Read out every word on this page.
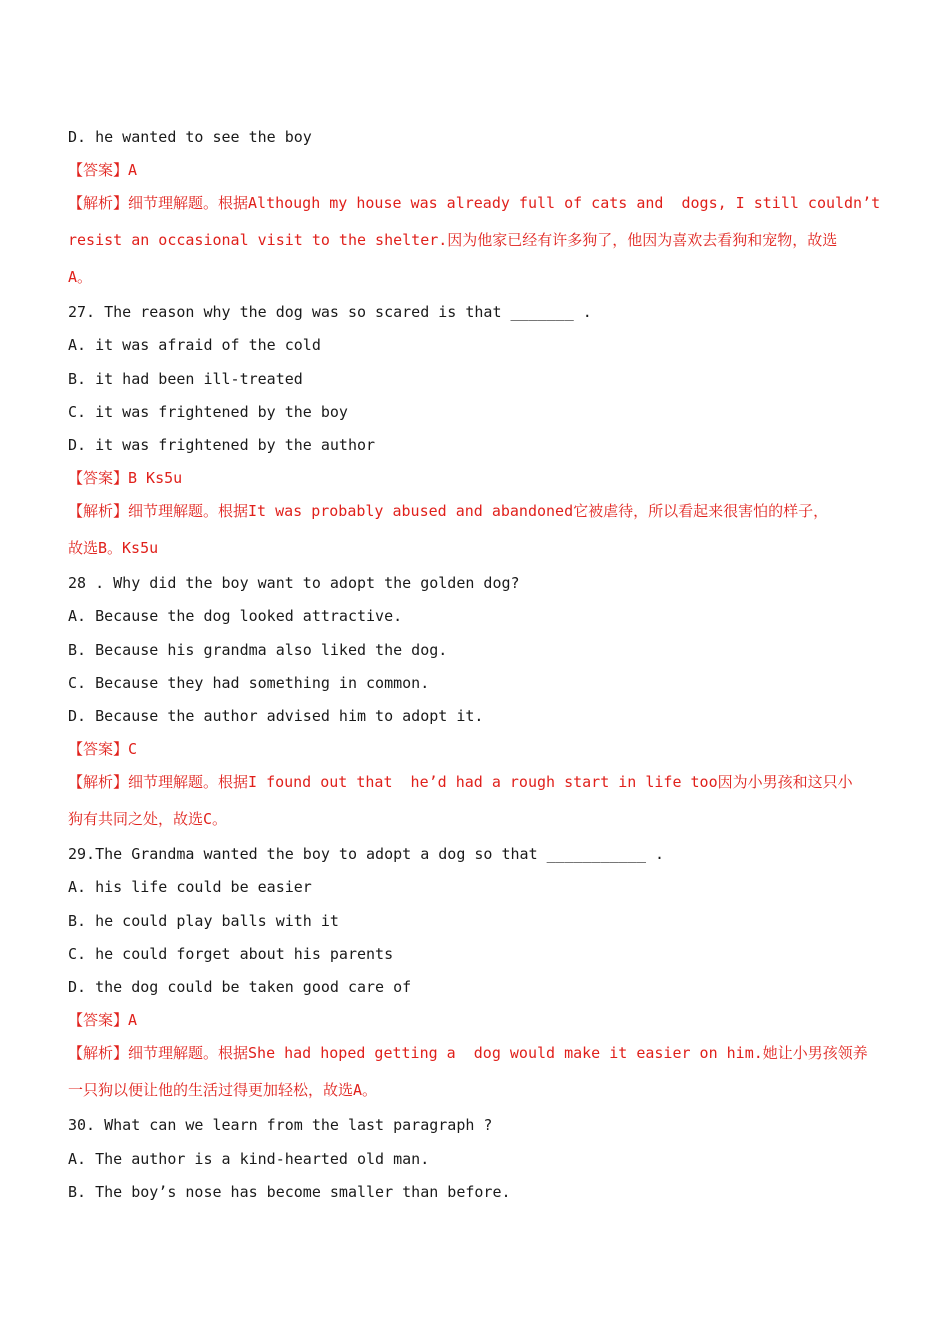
D. he wanted to see the boy
【答案】A
【解析】细节理解题。根据Although my house was already full of cats and  dogs, I still couldn’t
resist an occasional visit to the shelter.因为他家已经有许多狗了，他因为喜欢去看狗和宠物，故选
A。
27. The reason why the dog was so scared is that _______ .
A. it was afraid of the cold
B. it had been ill-treated
C. it was frightened by the boy
D. it was frightened by the author
【答案】B Ks5u
【解析】细节理解题。根据It was probably abused and abandoned它被虐待，所以看起来很害怕的样子，
故选B。Ks5u
28 . Why did the boy want to adopt the golden dog?
A. Because the dog looked attractive.
B. Because his grandma also liked the dog.
C. Because they had something in common.
D. Because the author advised him to adopt it.
【答案】C
【解析】细节理解题。根据I found out that  he’d had a rough start in life too因为小男孩和这只小
狗有共同之处，故选C。
29.The Grandma wanted the boy to adopt a dog so that ___________ .
A. his life could be easier
B. he could play balls with it
C. he could forget about his parents
D. the dog could be taken good care of
【答案】A
【解析】细节理解题。根据She had hoped getting a  dog would make it easier on him.她让小男孩领养
一只狗以便让他的生活过得更加轻松，故选A。
30. What can we learn from the last paragraph ?
A. The author is a kind-hearted old man.
B. The boy’s nose has become smaller than before.
